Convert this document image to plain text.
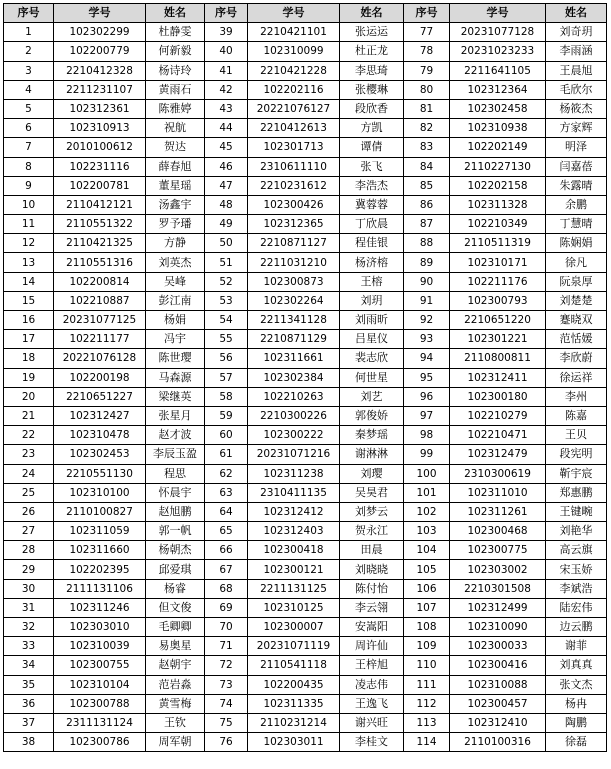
序号	学号	姓名	序号	学号	姓名	序号	学号	姓名
1	102302299	杜静雯	39	2210421101	张运运	77	20231077128	刘奇玥
2	102200779	何新毅	40	102310099	杜正龙	78	20231023233	李雨涵
3	2210412328	杨诗玲	41	2210421228	李思琦	79	2211641105	王晨旭
4	2211231107	黄雨石	42	102202116	张樱琳	80	102312364	毛欣尔
5	102312361	陈雅婷	43	20221076127	段欣香	81	102302458	杨筱杰
6	102310913	祝航	44	2210412613	方凯	82	102310938	方家辉
7	2010100612	贺达	45	102301713	谭倩	83	102202149	明泽
8	102231116	薛春旭	46	2310611110	张飞	84	2110227130	闫嘉蓓
9	102200781	董星瑶	47	2210231612	李浩杰	85	102202158	朱露晴
10	2110412121	汤鑫宇	48	102300426	冀蓉蓉	86	102311328	余鹏
11	2110551322	罗予璠	49	102312365	丁欣晨	87	102210349	丁慧晴
12	2110421325	方静	50	2210871127	程佳银	88	2110511319	陈娴娟
13	2110551316	刘英杰	51	2211031210	杨济榕	89	102310171	徐凡
14	102200814	吴峰	52	102300873	王榕	90	102211176	阮泉厚
15	102210887	彭江南	53	102302264	刘玥	91	102300793	刘楚楚
16	20231077125	杨娟	54	2211341128	刘雨昕	92	2210651220	蹇晓双
17	102211177	冯宇	55	2210871129	吕星仪	93	102301221	范恬媛
18	20221076128	陈世璎	56	102311661	裴志欣	94	2110800811	李欣蔚
19	102200198	马森源	57	102302384	何世星	95	102312411	徐运祥
20	2210651227	梁继英	58	102210263	刘艺	96	102300180	李州
21	102312427	张星月	59	2210300226	郭俊娇	97	102210279	陈嘉
22	102310478	赵才波	60	102300222	秦梦瑶	98	102210471	王贝
23	102302453	李辰玉盈	61	20231071216	谢淋淋	99	102312479	段宪明
24	2210551130	程思	62	102311238	刘璎	100	2310300619	靳宇宸
25	102310100	怀晨宇	63	2310411135	吴昊君	101	102311010	郑惠鹏
26	2110100827	赵旭鹏	64	102312412	刘梦云	102	102311261	王键畹
27	102311059	郭一帆	65	102312403	贺永江	103	102300468	刘艳华
28	102311660	杨朝杰	66	102300418	田晨	104	102300775	高云旗
29	102202395	邱爱琪	67	102300121	刘晓晓	105	102303002	宋玉娇
30	2111131106	杨睿	68	2211131125	陈付怡	106	2210301508	李斌浩
31	102311246	但文俊	69	102310125	李云翎	107	102312499	陆宏伟
32	102303010	毛卿卿	70	102300007	安嵩阳	108	102310090	边云鹏
33	102310039	易奥星	71	20231071119	周许仙	109	102300033	谢菲
34	102300755	赵朝宇	72	2110541118	王梓旭	110	102300416	刘真真
35	102310104	范岩淼	73	102200435	凌志伟	111	102310088	张文杰
36	102300788	黄雪梅	74	102311335	王逸飞	112	102300457	杨冉
37	2311131124	王钦	75	2110231214	谢兴旺	113	102312410	陶鹏
38	102300786	周军朝	76	102303011	李桂文	114	2110100316	徐磊
